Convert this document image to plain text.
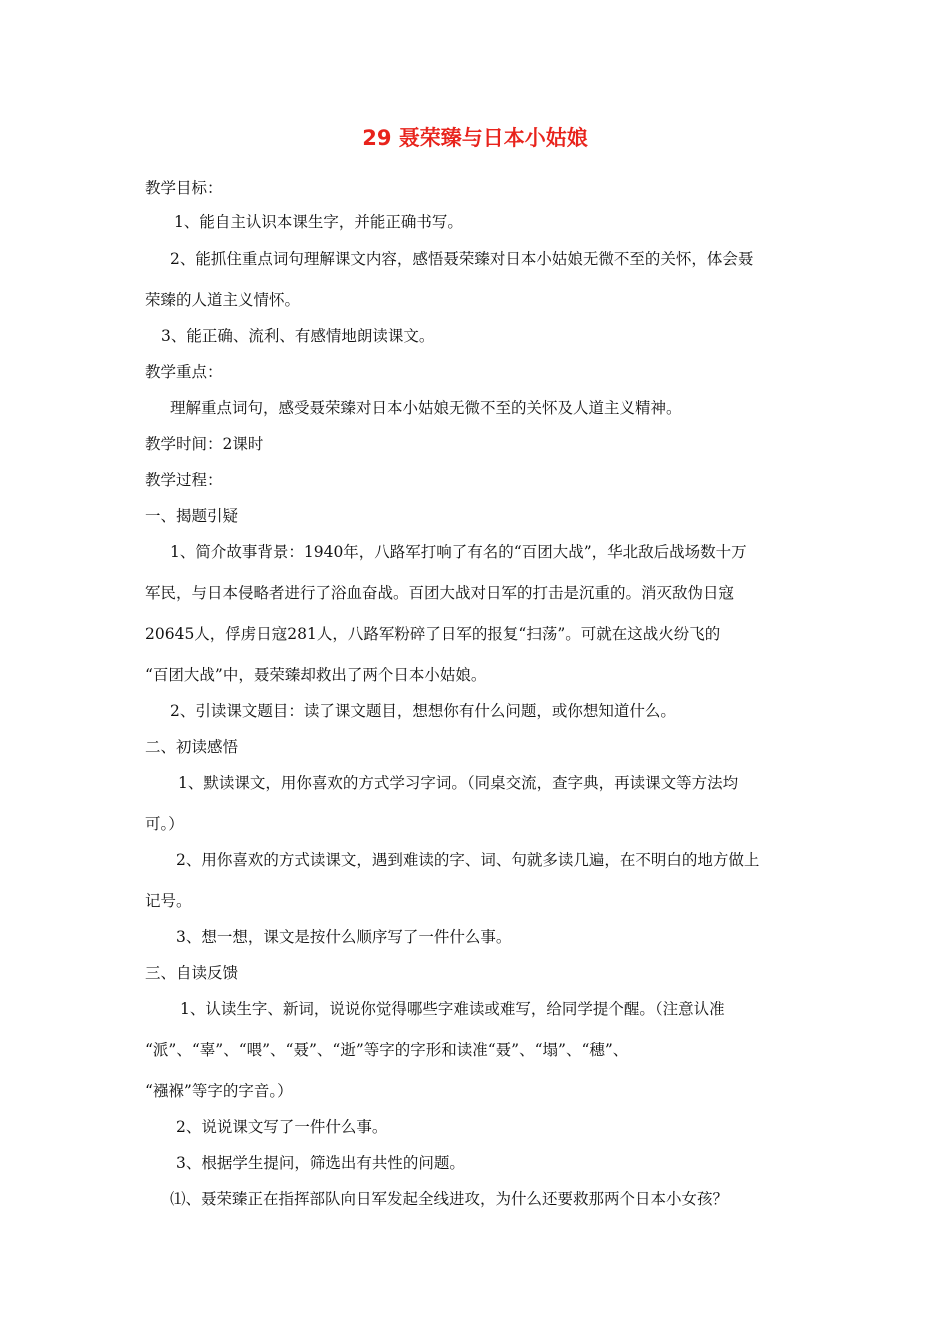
29 聂荣臻与日本小姑娘
教学目标：
1、能自主认识本课生字，并能正确书写。
2、能抓住重点词句理解课文内容，感悟聂荣臻对日本小姑娘无微不至的关怀，体会聂
荣臻的人道主义情怀。
3、能正确、流利、有感情地朗读课文。
教学重点：
理解重点词句，感受聂荣臻对日本小姑娘无微不至的关怀及人道主义精神。
教学时间：2课时
教学过程：
一、揭题引疑
1、简介故事背景：1940年，八路军打响了有名的“百团大战”，华北敌后战场数十万
军民，与日本侵略者进行了浴血奋战。百团大战对日军的打击是沉重的。消灭敌伪日寇
20645人，俘虏日寇281人，八路军粉碎了日军的报复“扫荡”。可就在这战火纷飞的
“百团大战”中，聂荣臻却救出了两个日本小姑娘。
2、引读课文题目：读了课文题目，想想你有什么问题，或你想知道什么。
二、初读感悟
1、默读课文，用你喜欢的方式学习字词。（同桌交流，查字典，再读课文等方法均
可。）
2、用你喜欢的方式读课文，遇到难读的字、词、句就多读几遍，在不明白的地方做上
记号。
3、想一想，课文是按什么顺序写了一件什么事。
三、自读反馈
1、认读生字、新词，说说你觉得哪些字难读或难写，给同学提个醒。（注意认准
“派”、“辜”、“喂”、“聂”、“逝”等字的字形和读准“聂”、“塌”、“穗”、
“襁褓”等字的字音。）
2、说说课文写了一件什么事。
3、根据学生提问，筛选出有共性的问题。
⑴、聂荣臻正在指挥部队向日军发起全线进攻，为什么还要救那两个日本小女孩？
